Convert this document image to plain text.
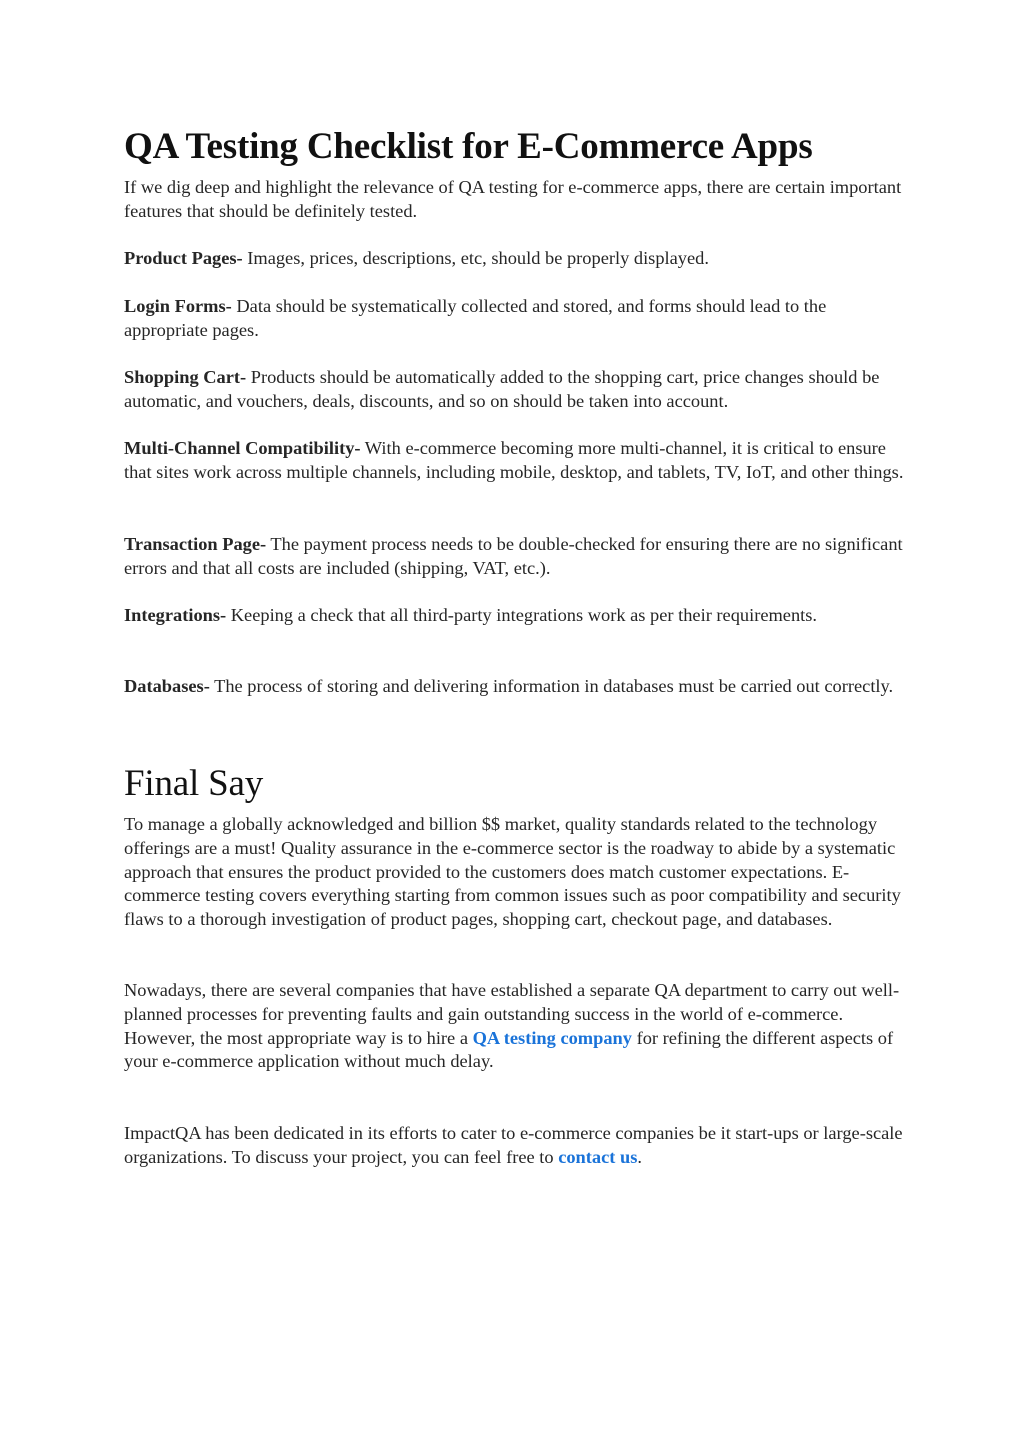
QA Testing Checklist for E-Commerce Apps

If we dig deep and highlight the relevance of QA testing for e-commerce apps, there are certain important features that should be definitely tested.

Product Pages- Images, prices, descriptions, etc, should be properly displayed.

Login Forms- Data should be systematically collected and stored, and forms should lead to the appropriate pages.

Shopping Cart- Products should be automatically added to the shopping cart, price changes should be automatic, and vouchers, deals, discounts, and so on should be taken into account.

Multi-Channel Compatibility- With e-commerce becoming more multi-channel, it is critical to ensure that sites work across multiple channels, including mobile, desktop, and tablets, TV, IoT, and other things.

Transaction Page- The payment process needs to be double-checked for ensuring there are no significant errors and that all costs are included (shipping, VAT, etc.).

Integrations- Keeping a check that all third-party integrations work as per their requirements.

Databases- The process of storing and delivering information in databases must be carried out correctly.

Final Say

To manage a globally acknowledged and billion $$ market, quality standards related to the technology offerings are a must! Quality assurance in the e-commerce sector is the roadway to abide by a systematic approach that ensures the product provided to the customers does match customer expectations. E-commerce testing covers everything starting from common issues such as poor compatibility and security flaws to a thorough investigation of product pages, shopping cart, checkout page, and databases.

Nowadays, there are several companies that have established a separate QA department to carry out well-planned processes for preventing faults and gain outstanding success in the world of e-commerce. However, the most appropriate way is to hire a QA testing company for refining the different aspects of your e-commerce application without much delay.

ImpactQA has been dedicated in its efforts to cater to e-commerce companies be it start-ups or large-scale organizations. To discuss your project, you can feel free to contact us.
